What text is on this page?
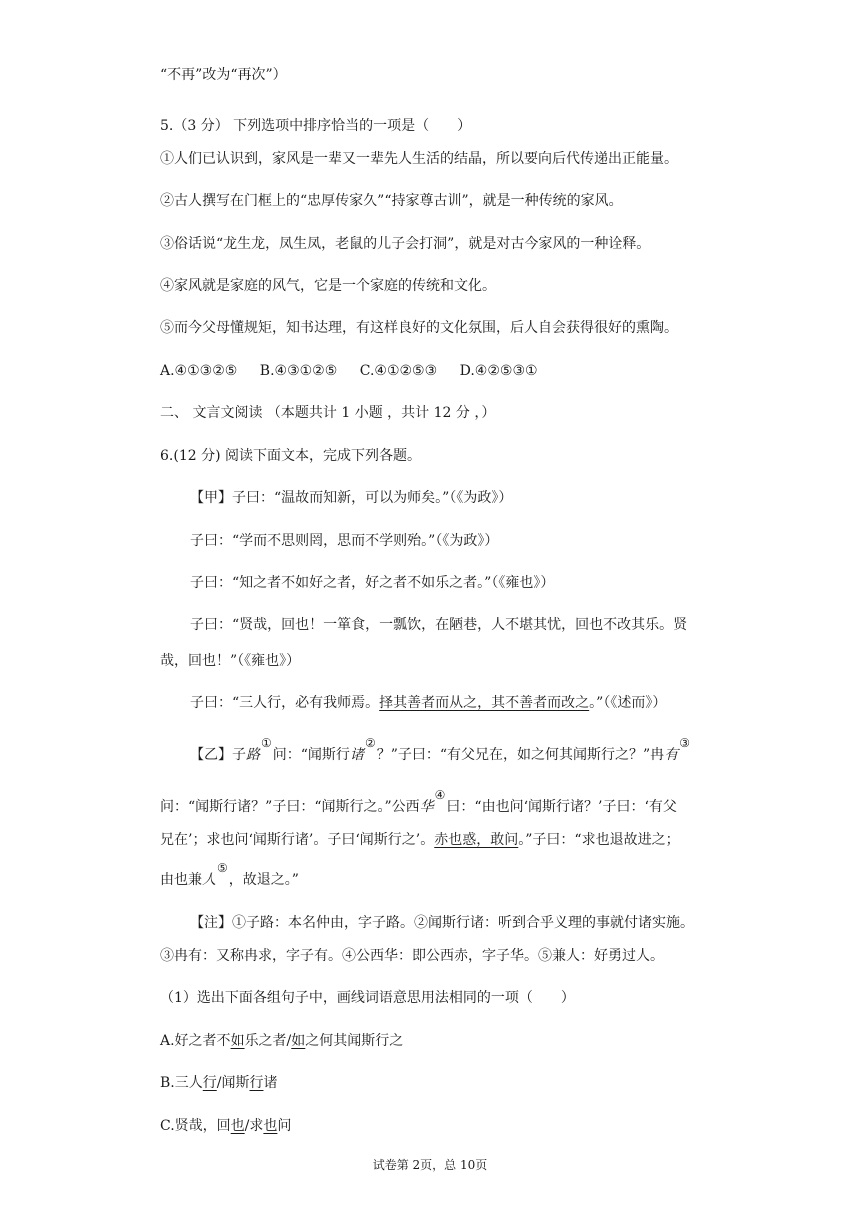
“不再”改为“再次”）
5.（3 分） 下列选项中排序恰当的一项是（　　）
①人们已认识到，家风是一辈又一辈先人生活的结晶，所以要向后代传递出正能量。
②古人撰写在门框上的“忠厚传家久”“持家尊古训”，就是一种传统的家风。
③俗话说“龙生龙，凤生凤，老鼠的儿子会打洞”，就是对古今家风的一种诠释。
④家风就是家庭的风气，它是一个家庭的传统和文化。
⑤而今父母懂规矩，知书达理，有这样良好的文化氛围，后人自会获得很好的熏陶。
A.④①③②⑤ B.④③①②⑤ C.④①②⑤③ D.④②⑤③①
二、 文言文阅读 （本题共计 1 小题 ，共计 12 分 ，）
6.(12 分) 阅读下面文本，完成下列各题。
【甲】子曰：“温故而知新，可以为师矣。”（《为政》）
子曰：“学而不思则罔，思而不学则殆。”（《为政》）
子曰：“知之者不如好之者，好之者不如乐之者。”（《雍也》）
子曰：“贤哉，回也！一箪食，一瓢饮，在陋巷，人不堪其忧，回也不改其乐。贤
哉，回也！”（《雍也》）
子曰：“三人行，必有我师焉。择其善者而从之，其不善者而改之。”（《述而》）
【乙】子路①问：“闻斯行诸②？”子曰：“有父兄在，如之何其闻斯行之？”冉有③
问：“闻斯行诸？”子曰：“闻斯行之。”公西华④曰：“由也问‘闻斯行诸？’子曰：‘有父
兄在’；求也问‘闻斯行诸’。子曰‘闻斯行之’。赤也惑，敢问。”子曰：“求也退故进之；
由也兼人⑤，故退之。”
【注】①子路：本名仲由，字子路。②闻斯行诸：听到合乎义理的事就付诸实施。
③冉有：又称冉求，字子有。④公西华：即公西赤，字子华。⑤兼人：好勇过人。
（1）选出下面各组句子中，画线词语意思用法相同的一项（　　）
A.好之者不如乐之者/如之何其闻斯行之
B.三人行/闻斯行诸
C.贤哉，回也/求也问
试卷第 2页，总 10页
